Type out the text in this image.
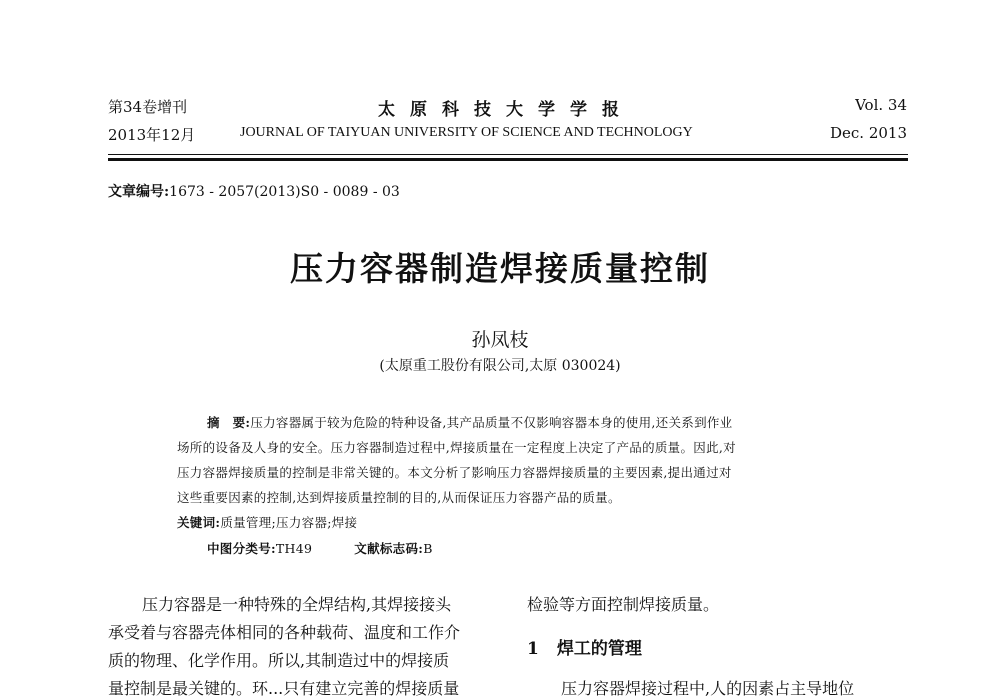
第34卷增刊	太原科技大学学报	Vol. 34
2013年12月	JOURNAL OF TAIYUAN UNIVERSITY OF SCIENCE AND TECHNOLOGY	Dec. 2013
文章编号:1673 - 2057(2013)S0 - 0089 - 03
压力容器制造焊接质量控制
孙凤枝
(太原重工股份有限公司,太原 030024)
摘　要:压力容器属于较为危险的特种设备,其产品质量不仅影响容器本身的使用,还关系到作业
场所的设备及人身的安全。压力容器制造过程中,焊接质量在一定程度上决定了产品的质量。因此,对
压力容器焊接质量的控制是非常关键的。本文分析了影响压力容器焊接质量的主要因素,提出通过对
这些重要因素的控制,达到焊接质量控制的目的,从而保证压力容器产品的质量。
关键词:质量管理;压力容器;焊接
中图分类号:TH49	文献标志码:B
压力容器是一种特殊的全焊结构,其焊接接头
承受着与容器壳体相同的各种载荷、温度和工作介
质的物理、化学作用。所以,其制造过中的焊接质
量控制是最关键的。环...只有建立完善的焊接质量
检验等方面控制焊接质量。
1 焊工的管理
压力容器焊接过程中,人的因素占主导地位
